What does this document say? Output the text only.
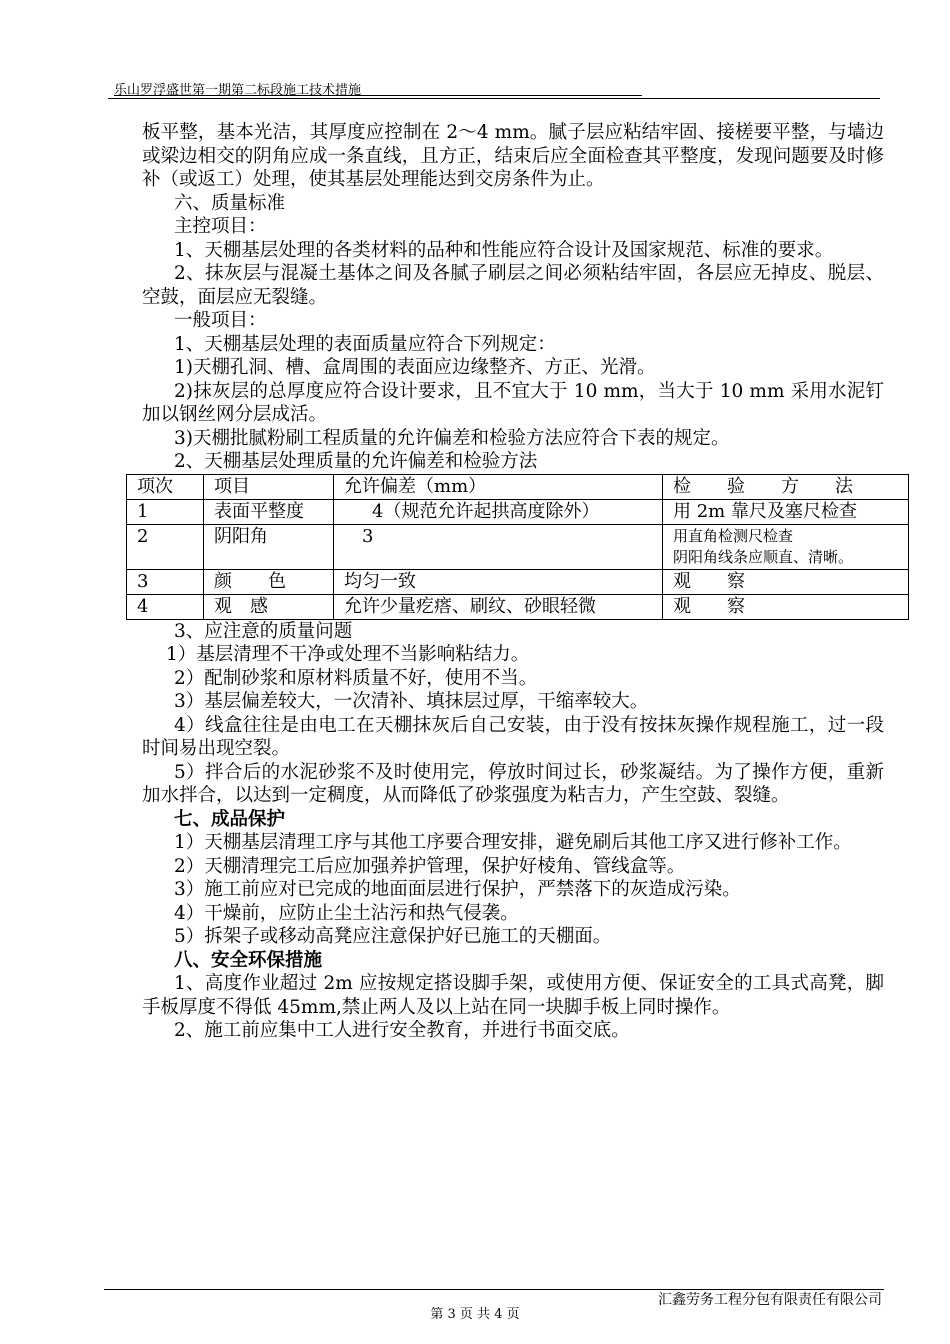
乐山罗浮盛世第一期第二标段施工技术措施

板平整，基本光洁，其厚度应控制在 2～4 mm。腻子层应粘结牢固、接槎要平整，与墙边或梁边相交的阴角应成一条直线，且方正，结束后应全面检查其平整度，发现问题要及时修补（或返工）处理，使其基层处理能达到交房条件为止。

六、质量标准

主控项目：

1、天棚基层处理的各类材料的品种和性能应符合设计及国家规范、标准的要求。

2、抹灰层与混凝土基体之间及各腻子刷层之间必须粘结牢固，各层应无掉皮、脱层、空鼓，面层应无裂缝。

一般项目：

1、天棚基层处理的表面质量应符合下列规定：

1)天棚孔洞、槽、盒周围的表面应边缘整齐、方正、光滑。

2)抹灰层的总厚度应符合设计要求，且不宜大于 10 mm，当大于 10 mm 采用水泥钉加以钢丝网分层成活。

3)天棚批腻粉刷工程质量的允许偏差和检验方法应符合下表的规定。

2、天棚基层处理质量的允许偏差和检验方法

项次	项目	允许偏差（mm）	检　　验　　方　　法
1	表面平整度	4（规范允许起拱高度除外）	用 2m 靠尺及塞尺检查
2	阴阳角	3	用直角检测尺检查
阴阳角线条应顺直、清晰。

3	颜　　色	均匀一致	观　　察
4	观　感	允许少量疙瘩、刷纹、砂眼轻微	观　　察

3、应注意的质量问题

1）基层清理不干净或处理不当影响粘结力。

2）配制砂浆和原材料质量不好，使用不当。

3）基层偏差较大，一次清补、填抹层过厚，干缩率较大。

4）线盒往往是由电工在天棚抹灰后自己安装，由于没有按抹灰操作规程施工，过一段时间易出现空裂。

5）拌合后的水泥砂浆不及时使用完，停放时间过长，砂浆凝结。为了操作方便，重新加水拌合，以达到一定稠度，从而降低了砂浆强度为粘吉力，产生空鼓、裂缝。

七、成品保护

1）天棚基层清理工序与其他工序要合理安排，避免刷后其他工序又进行修补工作。

2）天棚清理完工后应加强养护管理，保护好棱角、管线盒等。

3）施工前应对已完成的地面面层进行保护，严禁落下的灰造成污染。

4）干燥前，应防止尘土沾污和热气侵袭。

5）拆架子或移动高凳应注意保护好已施工的天棚面。

八、安全环保措施

1、高度作业超过 2m 应按规定搭设脚手架，或使用方便、保证安全的工具式高凳，脚手板厚度不得低 45mm,禁止两人及以上站在同一块脚手板上同时操作。

2、施工前应集中工人进行安全教育，并进行书面交底。

汇鑫劳务工程分包有限责任有限公司
第 3 页 共 4 页
